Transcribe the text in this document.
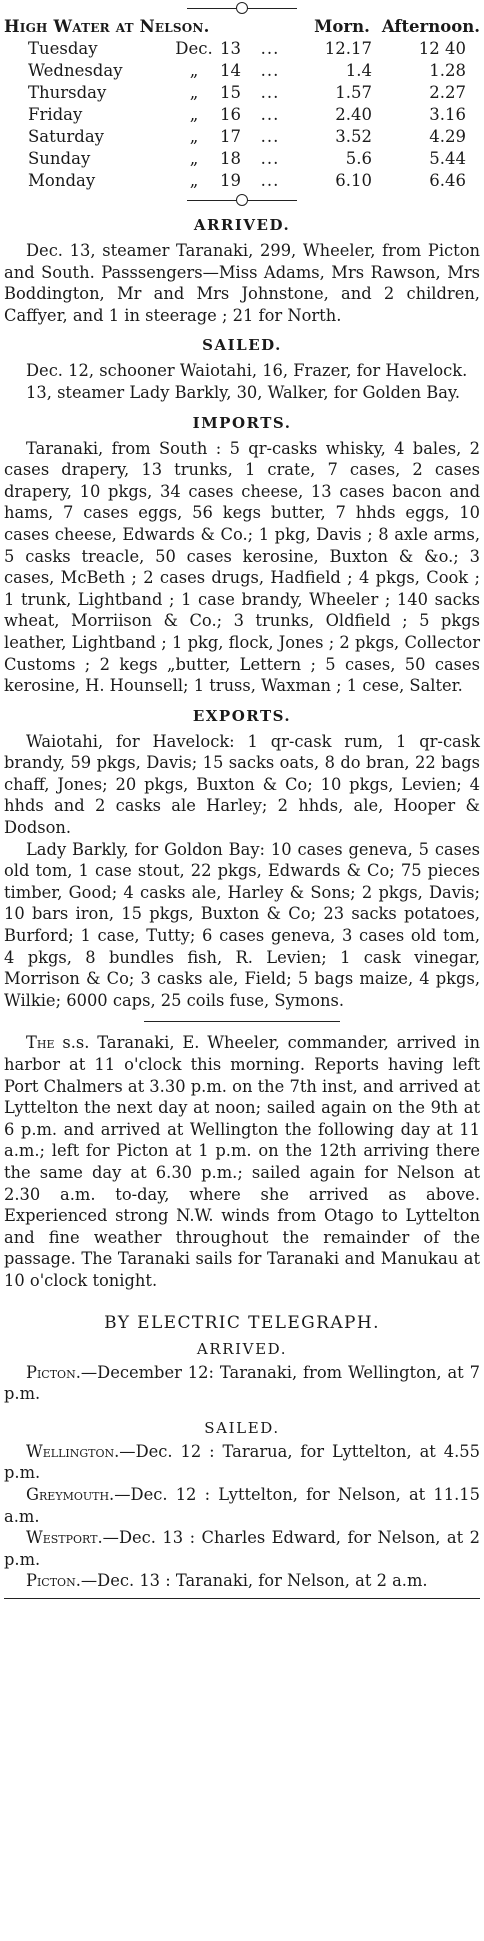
High Water at Nelson.	Morn. Afternoon.
Tuesday	Dec. 13	...	12.17	12 40
Wednesday	„	14	...	1.4	1.28
Thursday	„	15	...	1.57	2.27
Friday	„	16	...	2.40	3.16
Saturday	„	17	...	3.52	4.29
Sunday	„	18	...	5.6	5.44
Monday	„	19	...	6.10	6.46
ARRIVED.

Dec. 13, steamer Taranaki, 299, Wheeler, from Picton and South. Passsengers—Miss Adams, Mrs Rawson, Mrs Boddington, Mr and Mrs Johnstone, and 2 children, Caffyer, and 1 in steerage ; 21 for North.

SAILED.

Dec. 12, schooner Waiotahi, 16, Frazer, for Havelock.

13, steamer Lady Barkly, 30, Walker, for Golden Bay.

IMPORTS.

Taranaki, from South : 5 qr-casks whisky, 4 bales, 2 cases drapery, 13 trunks, 1 crate, 7 cases, 2 cases drapery, 10 pkgs, 34 cases cheese, 13 cases bacon and hams, 7 cases eggs, 56 kegs butter, 7 hhds eggs, 10 cases cheese, Edwards & Co.; 1 pkg, Davis ; 8 axle arms, 5 casks treacle, 50 cases kerosine, Buxton & &o.; 3 cases, McBeth ; 2 cases drugs, Hadfield ; 4 pkgs, Cook ; 1 trunk, Lightband ; 1 case brandy, Wheeler ; 140 sacks wheat, Morriison & Co.; 3 trunks, Oldfield ; 5 pkgs leather, Lightband ; 1 pkg, flock, Jones ; 2 pkgs, Collector Customs ; 2 kegs „butter, Lettern ; 5 cases, 50 cases kerosine, H. Hounsell; 1 truss, Waxman ; 1 cese, Salter.

EXPORTS.

Waiotahi, for Havelock: 1 qr-cask rum, 1 qr-cask brandy, 59 pkgs, Davis; 15 sacks oats, 8 do bran, 22 bags chaff, Jones; 20 pkgs, Buxton & Co; 10 pkgs, Levien; 4 hhds and 2 casks ale Harley; 2 hhds, ale, Hooper & Dodson.

Lady Barkly, for Goldon Bay: 10 cases geneva, 5 cases old tom, 1 case stout, 22 pkgs, Edwards & Co; 75 pieces timber, Good; 4 casks ale, Harley & Sons; 2 pkgs, Davis; 10 bars iron, 15 pkgs, Buxton & Co; 23 sacks potatoes, Burford; 1 case, Tutty; 6 cases geneva, 3 cases old tom, 4 pkgs, 8 bundles fish, R. Levien; 1 cask vinegar, Morrison & Co; 3 casks ale, Field; 5 bags maize, 4 pkgs, Wilkie; 6000 caps, 25 coils fuse, Symons.

The s.s. Taranaki, E. Wheeler, commander, arrived in harbor at 11 o'clock this morning. Reports having left Port Chalmers at 3.30 p.m. on the 7th inst, and arrived at Lyttelton the next day at noon; sailed again on the 9th at 6 p.m. and arrived at Wellington the following day at 11 a.m.; left for Picton at 1 p.m. on the 12th arriving there the same day at 6.30 p.m.; sailed again for Nelson at 2.30 a.m. to-day, where she arrived as above. Experienced strong N.W. winds from Otago to Lyttelton and fine weather throughout the remainder of the passage. The Taranaki sails for Taranaki and Manukau at 10 o'clock tonight.

BY ELECTRIC TELEGRAPH.
ARRIVED.

Picton.—December 12: Taranaki, from Wellington, at 7 p.m.

SAILED.

Wellington.—Dec. 12 : Tararua, for Lyttelton, at 4.55 p.m.

Greymouth.—Dec. 12 : Lyttelton, for Nelson, at 11.15 a.m.

Westport.—Dec. 13 : Charles Edward, for Nelson, at 2 p.m.

Picton.—Dec. 13 : Taranaki, for Nelson, at 2 a.m.
